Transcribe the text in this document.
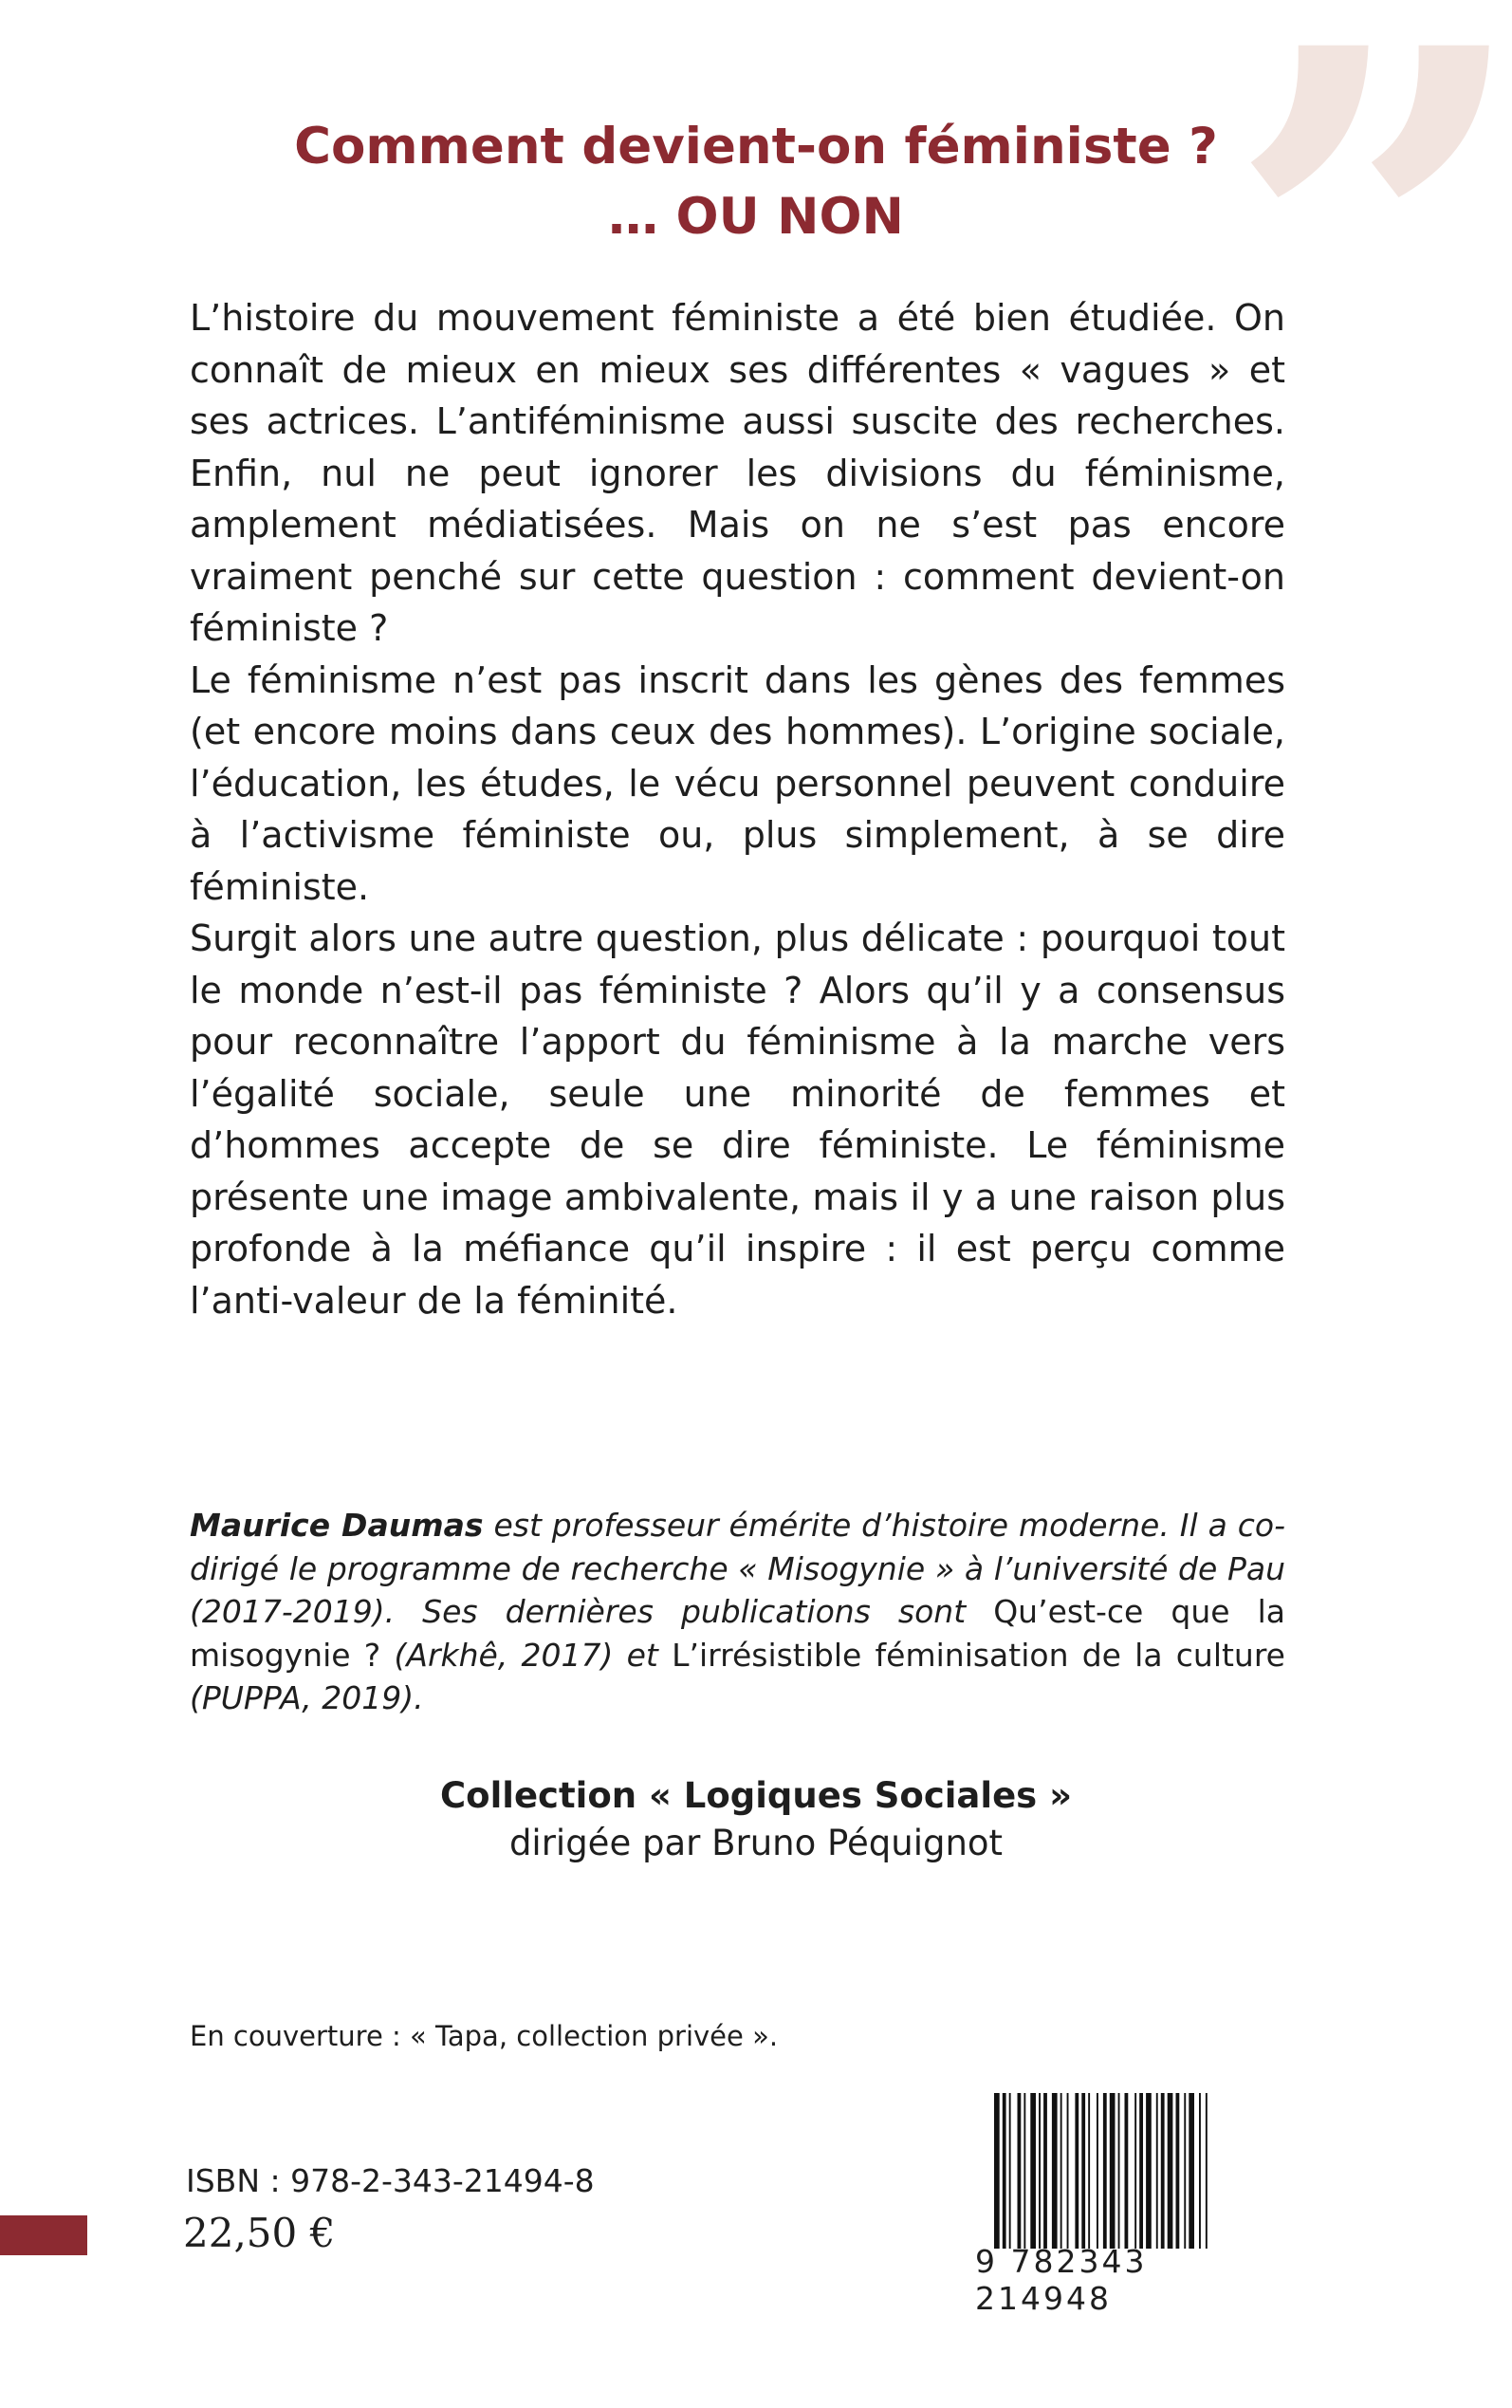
”
Comment devient-on féministe ?
… OU NON

L’histoire du mouvement féministe a été bien étudiée. On connaît de mieux en mieux ses différentes « vagues » et ses actrices. L’antiféminisme aussi suscite des recherches. Enfin, nul ne peut ignorer les divisions du féminisme, amplement médiatisées. Mais on ne s’est pas encore vraiment penché sur cette question : comment devient-on féministe ?

Le féminisme n’est pas inscrit dans les gènes des femmes (et encore moins dans ceux des hommes). L’origine sociale, l’éducation, les études, le vécu personnel peuvent conduire à l’activisme féministe ou, plus simplement, à se dire féministe.

Surgit alors une autre question, plus délicate : pourquoi tout le monde n’est-il pas féministe ? Alors qu’il y a consensus pour reconnaître l’apport du féminisme à la marche vers l’égalité sociale, seule une minorité de femmes et d’hommes accepte de se dire féministe. Le féminisme présente une image ambivalente, mais il y a une raison plus profonde à la méfiance qu’il inspire : il est perçu comme l’anti-valeur de la féminité.

Maurice Daumas est professeur émérite d’histoire moderne. Il a co-dirigé le programme de recherche « Misogynie » à l’université de Pau (2017-2019). Ses dernières publications sont Qu’est-ce que la misogynie ? (Arkhê, 2017) et L’irrésistible féminisation de la culture (PUPPA, 2019).
Collection « Logiques Sociales »
dirigée par Bruno Péquignot
En couverture : « Tapa, collection privée ».
9 782343 214948
ISBN : 978-2-343-21494-8
22,50 €
